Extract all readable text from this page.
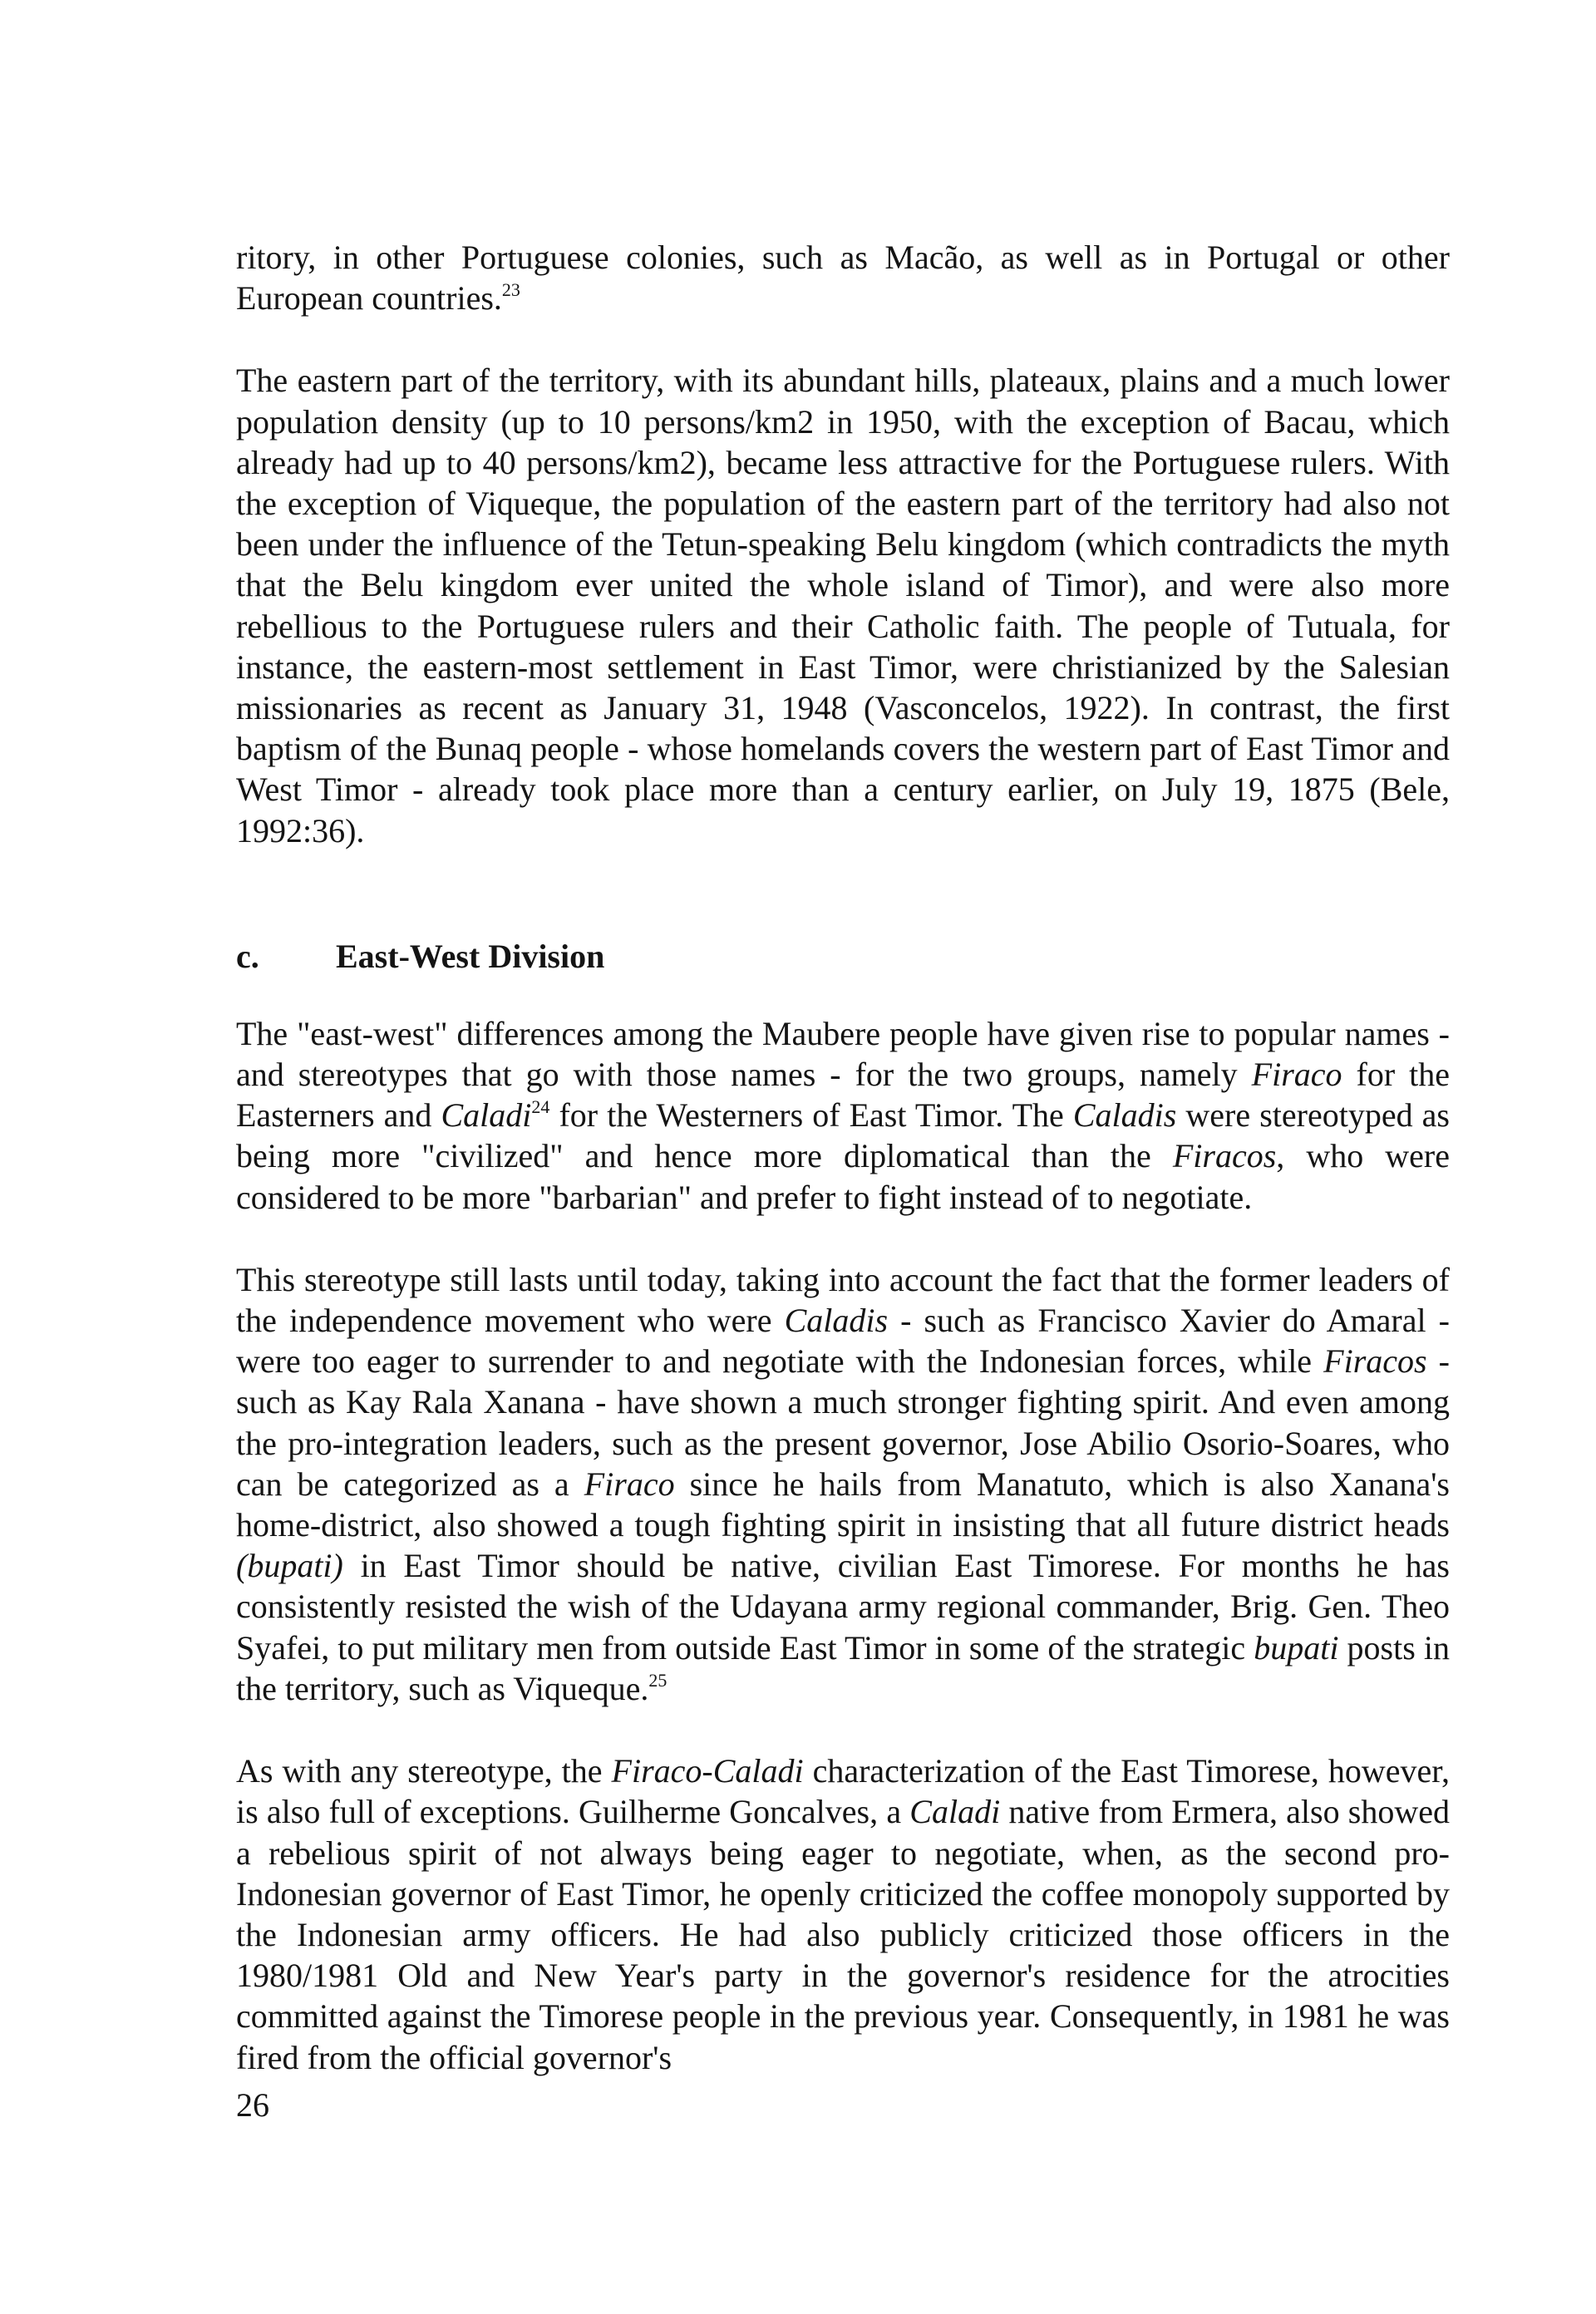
ritory, in other Portuguese colonies, such as Macão, as well as in Portugal or other European countries.$^{23}$

The eastern part of the territory, with its abundant hills, plateaux, plains and a much lower population density (up to 10 persons/km2 in 1950, with the exception of Bacau, which already had up to 40 persons/km2), became less attractive for the Portuguese rulers. With the exception of Viqueque, the population of the eastern part of the territory had also not been under the influence of the Tetun-speaking Belu kingdom (which contradicts the myth that the Belu kingdom ever united the whole island of Timor), and were also more rebellious to the Portuguese rulers and their Catholic faith. The people of Tutuala, for instance, the eastern-most settlement in East Timor, were christianized by the Salesian missionaries as recent as January 31, 1948 (Vasconcelos, 1922). In contrast, the first baptism of the Bunaq people - whose homelands covers the western part of East Timor and West Timor - already took place more than a century earlier, on July 19, 1875 (Bele, 1992:36).

c.	East-West Division

The "east-west" differences among the Maubere people have given rise to popular names - and stereotypes that go with those names - for the two groups, namely Firaco for the Easterners and Caladi$^{24}$ for the Westerners of East Timor. The Caladis were stereotyped as being more "civilized" and hence more diplomatical than the Firacos, who were considered to be more "barbarian" and prefer to fight instead of to negotiate.

This stereotype still lasts until today, taking into account the fact that the former leaders of the independence movement who were Caladis - such as Francisco Xavier do Amaral - were too eager to surrender to and negotiate with the Indonesian forces, while Firacos - such as Kay Rala Xanana - have shown a much stronger fighting spirit. And even among the pro-integration leaders, such as the present governor, Jose Abilio Osorio-Soares, who can be categorized as a Firaco since he hails from Manatuto, which is also Xanana's home-district, also showed a tough fighting spirit in insisting that all future district heads (bupati) in East Timor should be native, civilian East Timorese. For months he has consistently resisted the wish of the Udayana army regional commander, Brig. Gen. Theo Syafei, to put military men from outside East Timor in some of the strategic bupati posts in the territory, such as Viqueque.$^{25}$

As with any stereotype, the Firaco-Caladi characterization of the East Timorese, however, is also full of exceptions. Guilherme Goncalves, a Caladi native from Ermera, also showed a rebelious spirit of not always being eager to negotiate, when, as the second pro-Indonesian governor of East Timor, he openly criticized the coffee monopoly supported by the Indonesian army officers. He had also publicly criticized those officers in the 1980/1981 Old and New Year's party in the governor's residence for the atrocities committed against the Timorese people in the previous year. Consequently, in 1981 he was fired from the official governor's

26
